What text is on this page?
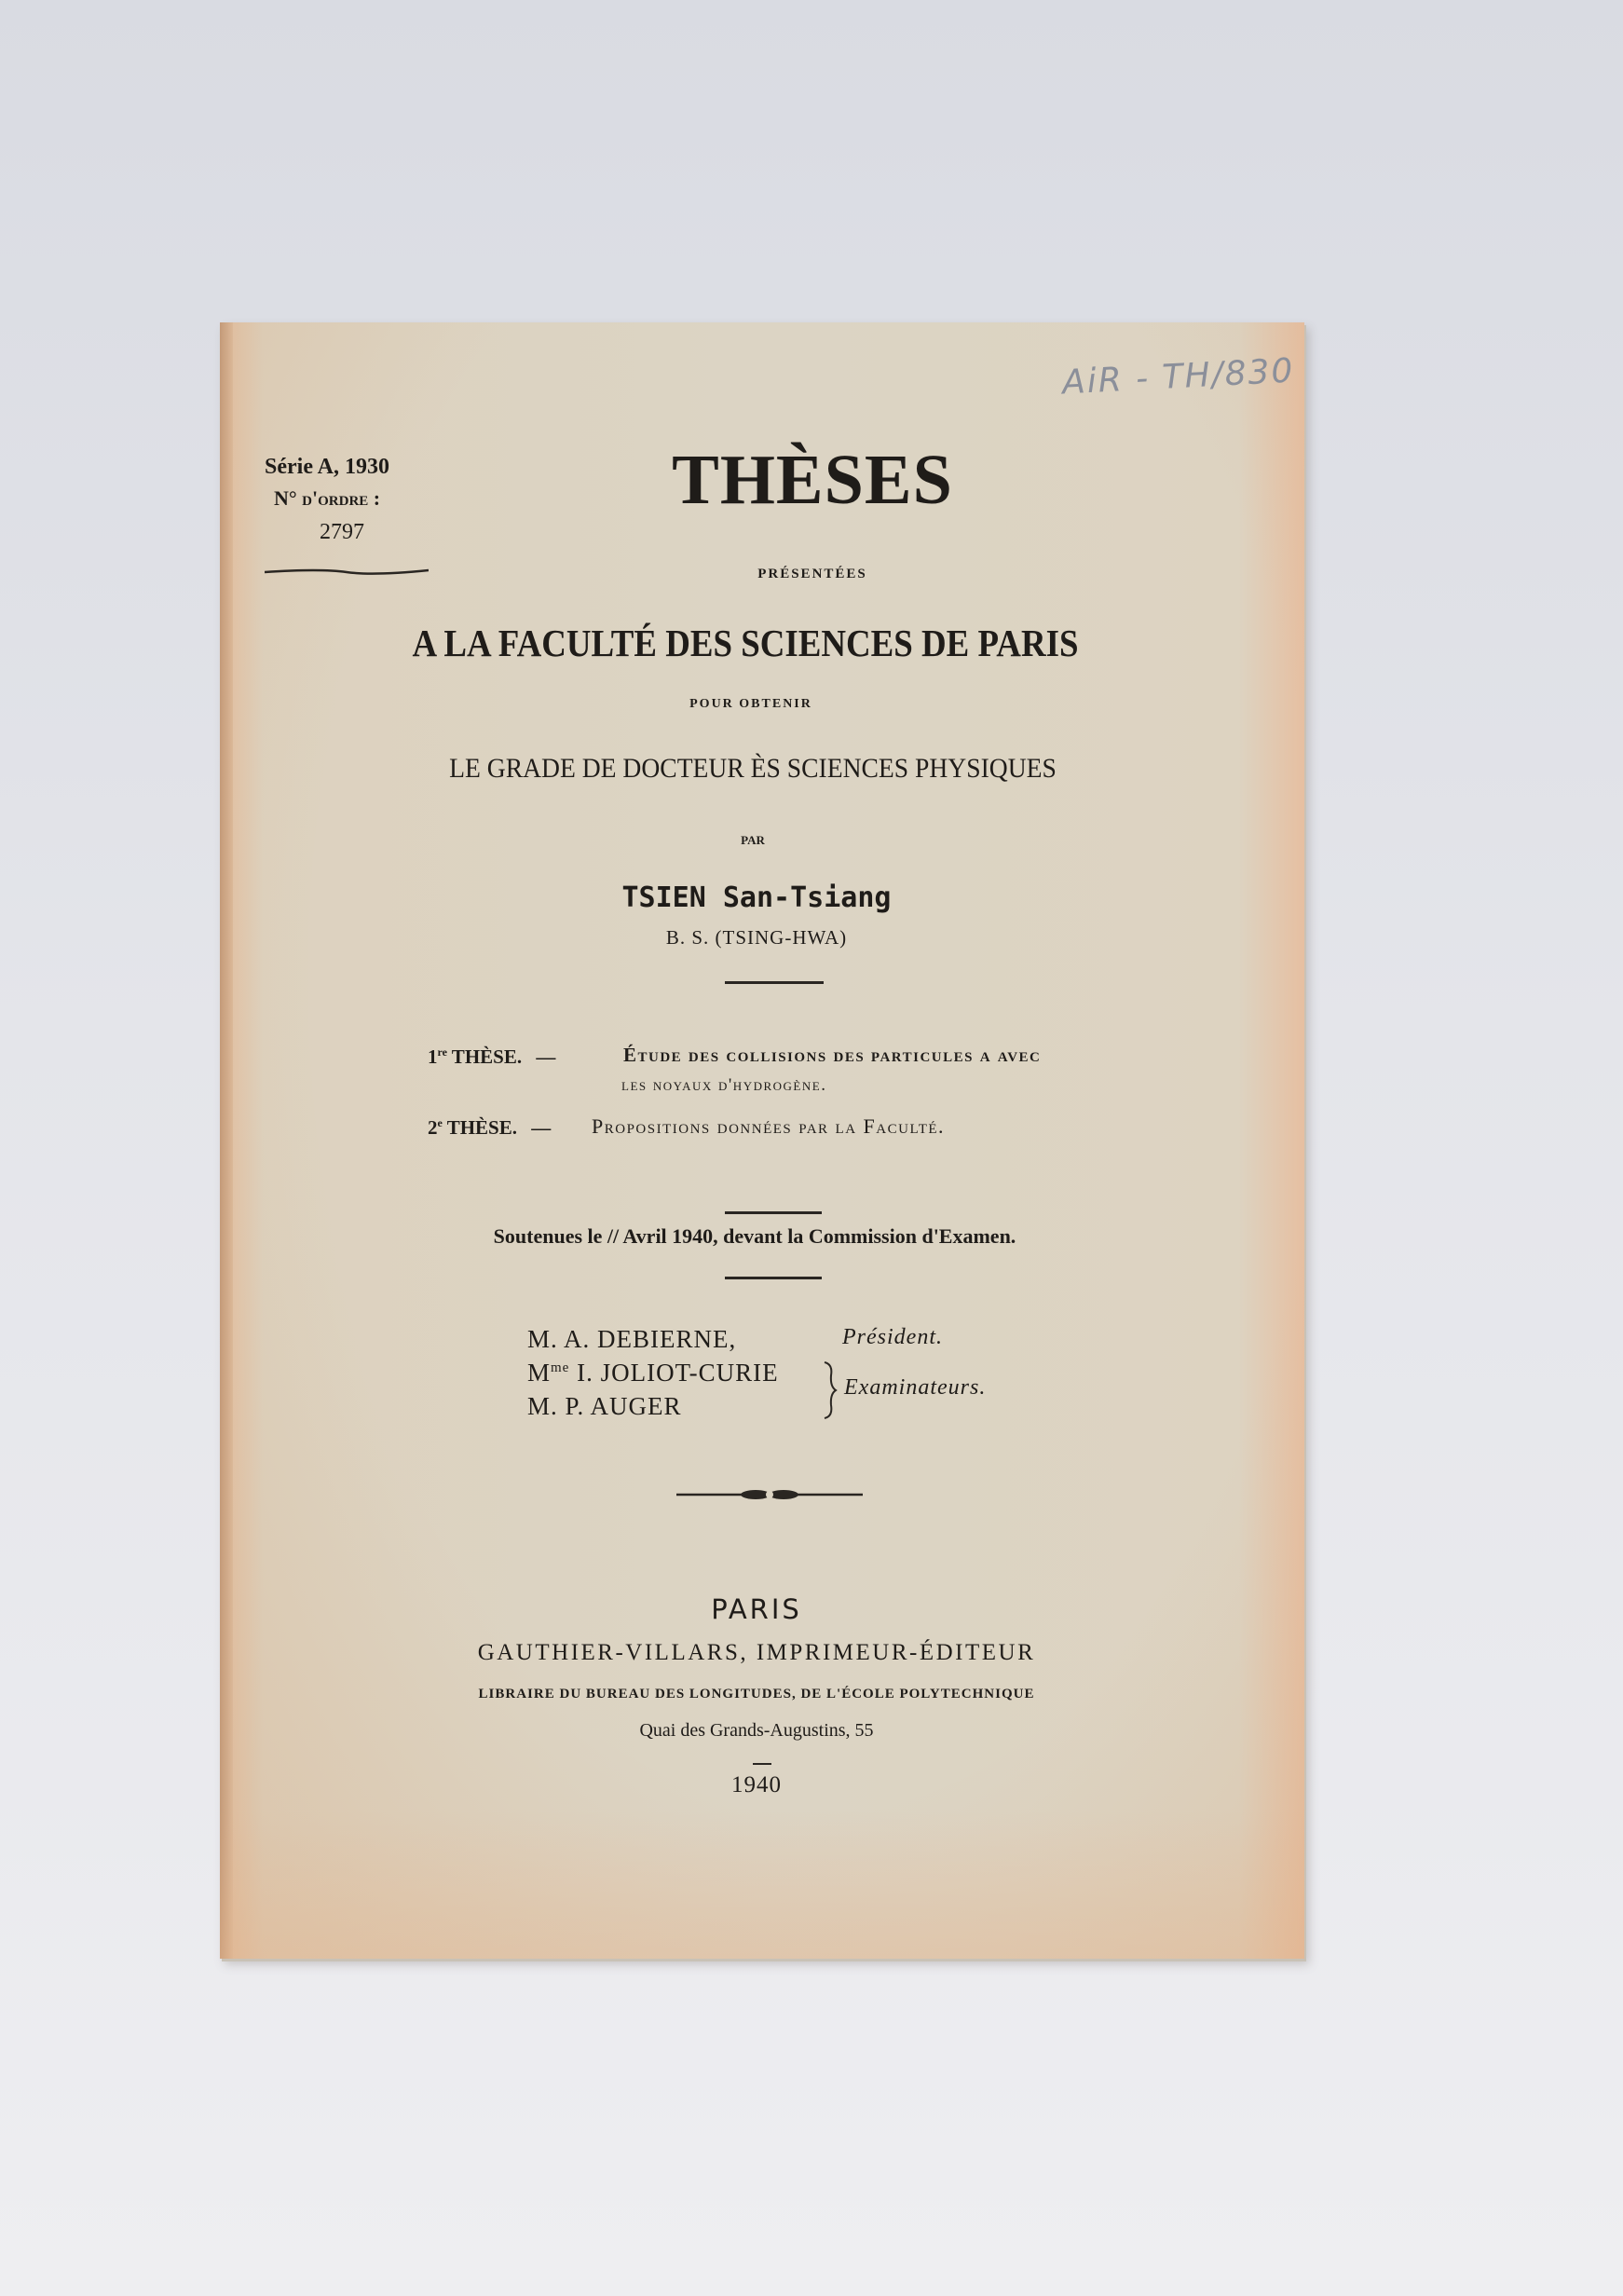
AiR - TH/830
Série A, 1930
N° d'ordre :
2797
THÈSES
PRÉSENTÉES
A LA FACULTÉ DES SCIENCES DE PARIS
POUR OBTENIR
LE GRADE DE DOCTEUR ÈS SCIENCES PHYSIQUES
PAR
TSIEN San-Tsiang
B. S. (TSING-HWA)
1re THÈSE. —	Étude des collisions des particules α avec
les noyaux d'hydrogène.
2e THÈSE. —	Propositions données par la Faculté.
Soutenues le // Avril 1940, devant la Commission d'Examen.
M. A. DEBIERNE,
$M^{me}$ I. JOLIOT-CURIE
M. P. AUGER
Président.
Examinateurs.
PARIS
GAUTHIER-VILLARS, IMPRIMEUR-ÉDITEUR
LIBRAIRE DU BUREAU DES LONGITUDES, DE L'ÉCOLE POLYTECHNIQUE
Quai des Grands-Augustins, 55
1940
